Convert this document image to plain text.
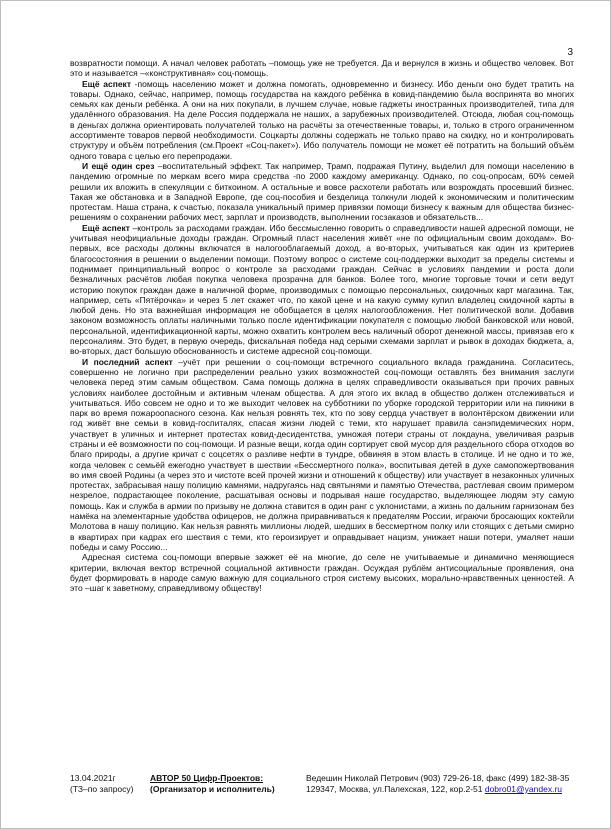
3

возвратности помощи. А начал человек работать –помощь уже не требуется. Да и вернулся в жизнь и общество человек. Вот это и называется –«конструктивная» соц-помощь.

Ещё аспект -помощь населению может и должна помогать, одновременно и бизнесу. Ибо деньги оно будет тратить на товары. Однако, сейчас, например, помощь государства на каждого ребёнка в ковид-пандемию была воспринята во многих семьях как деньги ребёнка. А они на них покупали, в лучшем случае, новые гаджеты иностранных производителей, типа для удалённого образования. На деле Россия поддержала не наших, а зарубежных производителей. Отсюда, любая соц-помощь в деньгах должна ориентировать получателей только на расчёты за отечественные товары, и, только в строго ограниченном ассортименте товаров первой необходимости. Соцкарты должны содержать не только право на скидку, но и контролировать структуру и объём потребления (см.Проект «Соц-пакет»). Ибо получатель помощи не может её потратить на больший объём одного товара с целью его перепродажи.

И ещё один срез –воспитательный эффект. Так например, Трамп, подражая Путину, выделил для помощи населению в пандемию огромные по меркам всего мира средства -по 2000 каждому американцу. Однако, по соц-опросам, 60% семей решили их вложить в спекуляции с биткоином. А остальные и вовсе расхотели работать или возрождать просевший бизнес. Такая же обстановка и в Западной Европе, где соц-пособия и безделица толкнули людей к экономическим и политическим протестам. Наша страна, к счастью, показала уникальный пример привязки помощи бизнесу к важным для общества бизнес-решениям о сохранении рабочих мест, зарплат и производств, выполнении госзаказов и обязательств...

Ещё аспект –контроль за расходами граждан. Ибо бессмысленно говорить о справедливости нашей адресной помощи, не учитывая неофициальные доходы граждан. Огромный пласт населения живёт «не по официальным своим доходам». Во-первых, все расходы должны включатся в налогооблагаемый доход, а во-вторых, учитываться как один из критериев благосостояния в решении о выделении помощи. Поэтому вопрос о системе соц-поддержки выходит за пределы системы и поднимает принципиальный вопрос о контроле за расходами граждан. Сейчас в условиях пандемии и роста доли безналичных расчётов любая покупка человека прозрачна для банков. Более того, многие торговые точки и сети ведут историю покупок граждан даже в наличной форме, производимых с помощью персональных, скидочных карт магазина. Так, например, сеть «Пятёрочка» и через 5 лет скажет что, по какой цене и на какую сумму купил владелец скидочной карты в любой день. Но эта важнейшая информация не обобщается в целях налогообложения. Нет политической воли. Добавив законом возможность оплаты наличными только после идентификации покупателя с помощью любой банковской или новой, персональной, идентификационной карты, можно охватить контролем весь наличный оборот денежной массы, привязав его к персоналиям. Это будет, в первую очередь, фискальная победа над серыми схемами зарплат и рывок в доходах бюджета, а, во-вторых, даст большую обоснованность и системе адресной соц-помощи.

И последний аспект –учёт при решении о соц-помощи встречного социального вклада гражданина. Согласитесь, совершенно не логично при распределении реально узких возможностей соц-помощи оставлять без внимания заслуги человека перед этим самым обществом. Сама помощь должна в целях справедливости оказываться при прочих равных условиях наиболее достойным и активным членам общества. А для этого их вклад в общество должен отслеживаться и учитываться. Ибо совсем не одно и то же выходит человек на субботники по уборке городской территории или на пикники в парк во время пожароопасного сезона. Как нельзя ровнять тех, кто по зову сердца участвует в волонтёрском движении или год живёт вне семьи в ковид-госпиталях, спасая жизни людей с теми, кто нарушает правила санэпидемических норм, участвует в уличных и интернет протестах ковид-десидентства, умножая потери страны от локдауна, увеличивая разрыв страны и её возможности по соц-помощи. И разные вещи, когда один сортирует свой мусор для раздельного сбора отходов во благо природы, а другие кричат с соцсетях о разливе нефти в тундре, обвиняя в этом власть в столице. И не одно и то же, когда человек с семьёй ежегодно участвует в шествии «Бессмертного полка», воспитывая детей в духе самопожертвования во имя своей Родины (а через это и чистоте всей прочей жизни и отношений к обществу) или участвует в незаконных уличных протестах, забрасывая нашу полицию камнями, надругаясь над святынями и памятью Отечества, растлевая своим примером незрелое, подрастающее поколение, расшатывая основы и подрывая наше государство, выделяющее людям эту самую помощь. Как и служба в армии по призыву не должна ставится в один ранг с уклонистами, а жизнь по дальним гарнизонам без намёка на элементарные удобства офицеров, не должна приравниваться к предателям России, играючи бросающих коктейли Молотова в нашу полицию. Как нельзя равнять миллионы людей, шедших в бессмертном полку или стоящих с детьми смирно в квартирах при кадрах его шествия с теми, кто героизирует и оправдывает нацизм, унижает наши потери, умаляет наши победы и саму Россию...

Адресная система соц-помощи впервые зажжет её на многие, до селе не учитываемые и динамично меняющиеся критерии, включая вектор встречной социальной активности граждан. Осуждая рублём антисоциальные проявления, она будет формировать в народе самую важную для социального строя систему высоких, морально-нравственных ценностей. А это –шаг к заветному, справедливому обществу!

13.04.2021г	АВТОР 50 Цифр-Проектов:	Ведешин Николай Петрович (903) 729-26-18, факс (499) 182-38-35
(ТЗ–по запросу)	(Организатор и исполнитель)	129347, Москва, ул.Палехская, 122, кор.2-51 dobro01@yandex.ru
